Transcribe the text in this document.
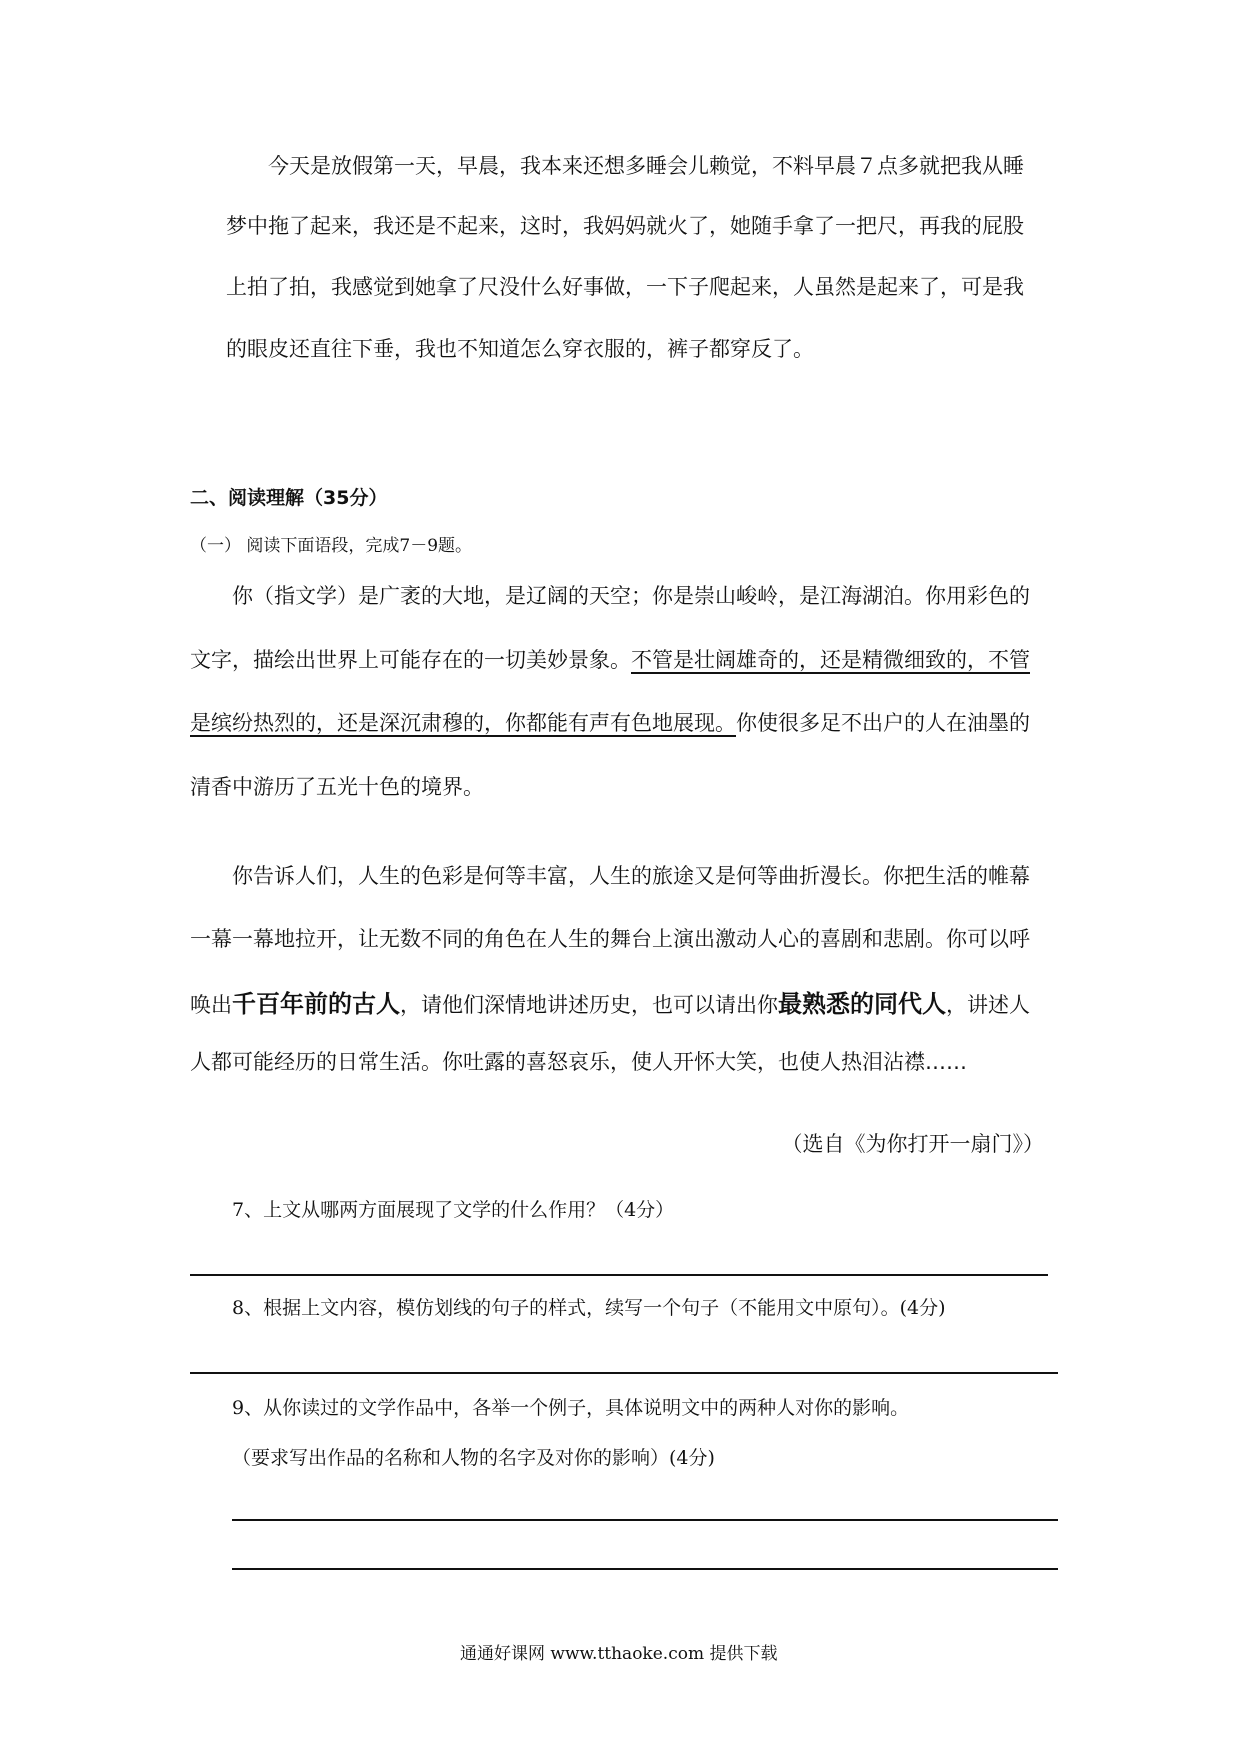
今天是放假第一天，早晨，我本来还想多睡会儿赖觉，不料早晨７点多就把我从睡
梦中拖了起来，我还是不起来，这时，我妈妈就火了，她随手拿了一把尺，再我的屁股
上拍了拍，我感觉到她拿了尺没什么好事做，一下子爬起来，人虽然是起来了，可是我
的眼皮还直往下垂，我也不知道怎么穿衣服的，裤子都穿反了。
二、阅读理解（35分）
（一） 阅读下面语段，完成7－9题。
你（指文学）是广袤的大地，是辽阔的天空；你是崇山峻岭，是江海湖泊。你用彩色的
文字，描绘出世界上可能存在的一切美妙景象。不管是壮阔雄奇的，还是精微细致的，不管
是缤纷热烈的，还是深沉肃穆的，你都能有声有色地展现。你使很多足不出户的人在油墨的
清香中游历了五光十色的境界。
你告诉人们，人生的色彩是何等丰富，人生的旅途又是何等曲折漫长。你把生活的帷幕
一幕一幕地拉开，让无数不同的角色在人生的舞台上演出激动人心的喜剧和悲剧。你可以呼
唤出千百年前的古人，请他们深情地讲述历史，也可以请出你最熟悉的同代人，讲述人
人都可能经历的日常生活。你吐露的喜怒哀乐，使人开怀大笑，也使人热泪沾襟……
（选自《为你打开一扇门》）
7、上文从哪两方面展现了文学的什么作用？（4分）
8、根据上文内容，模仿划线的句子的样式，续写一个句子（不能用文中原句）。(4分)
9、从你读过的文学作品中，各举一个例子，具体说明文中的两种人对你的影响。
（要求写出作品的名称和人物的名字及对你的影响）(4分)
通通好课网 www.tthaoke.com 提供下载
